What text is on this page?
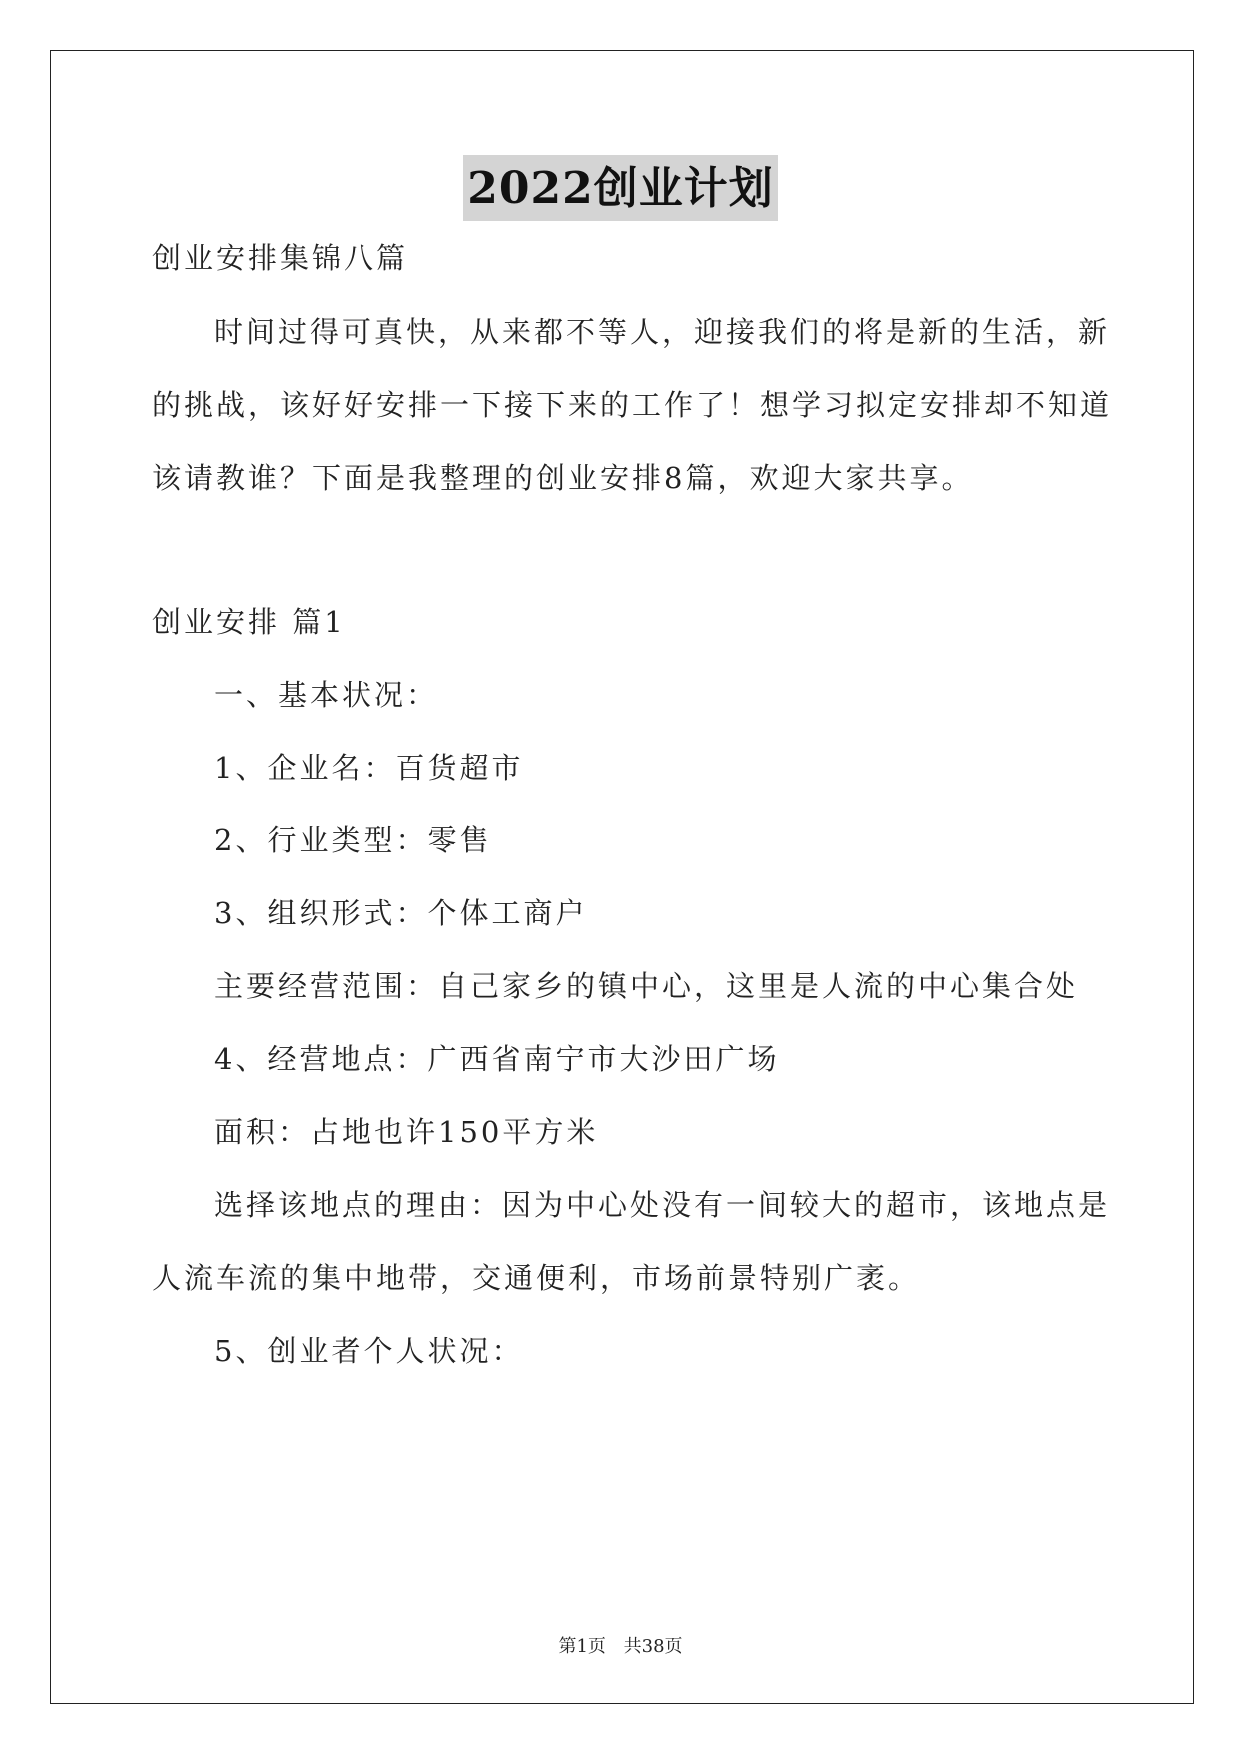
2022创业计划
创业安排集锦八篇
时间过得可真快，从来都不等人，迎接我们的将是新的生活，新
的挑战，该好好安排一下接下来的工作了！想学习拟定安排却不知道
该请教谁？下面是我整理的创业安排8篇，欢迎大家共享。
创业安排 篇1
一、基本状况：
1、企业名：百货超市
2、行业类型：零售
3、组织形式：个体工商户
主要经营范围：自己家乡的镇中心，这里是人流的中心集合处
4、经营地点：广西省南宁市大沙田广场
面积：占地也许150平方米
选择该地点的理由：因为中心处没有一间较大的超市，该地点是
人流车流的集中地带，交通便利，市场前景特别广袤。
5、创业者个人状况：
第1页 共38页
